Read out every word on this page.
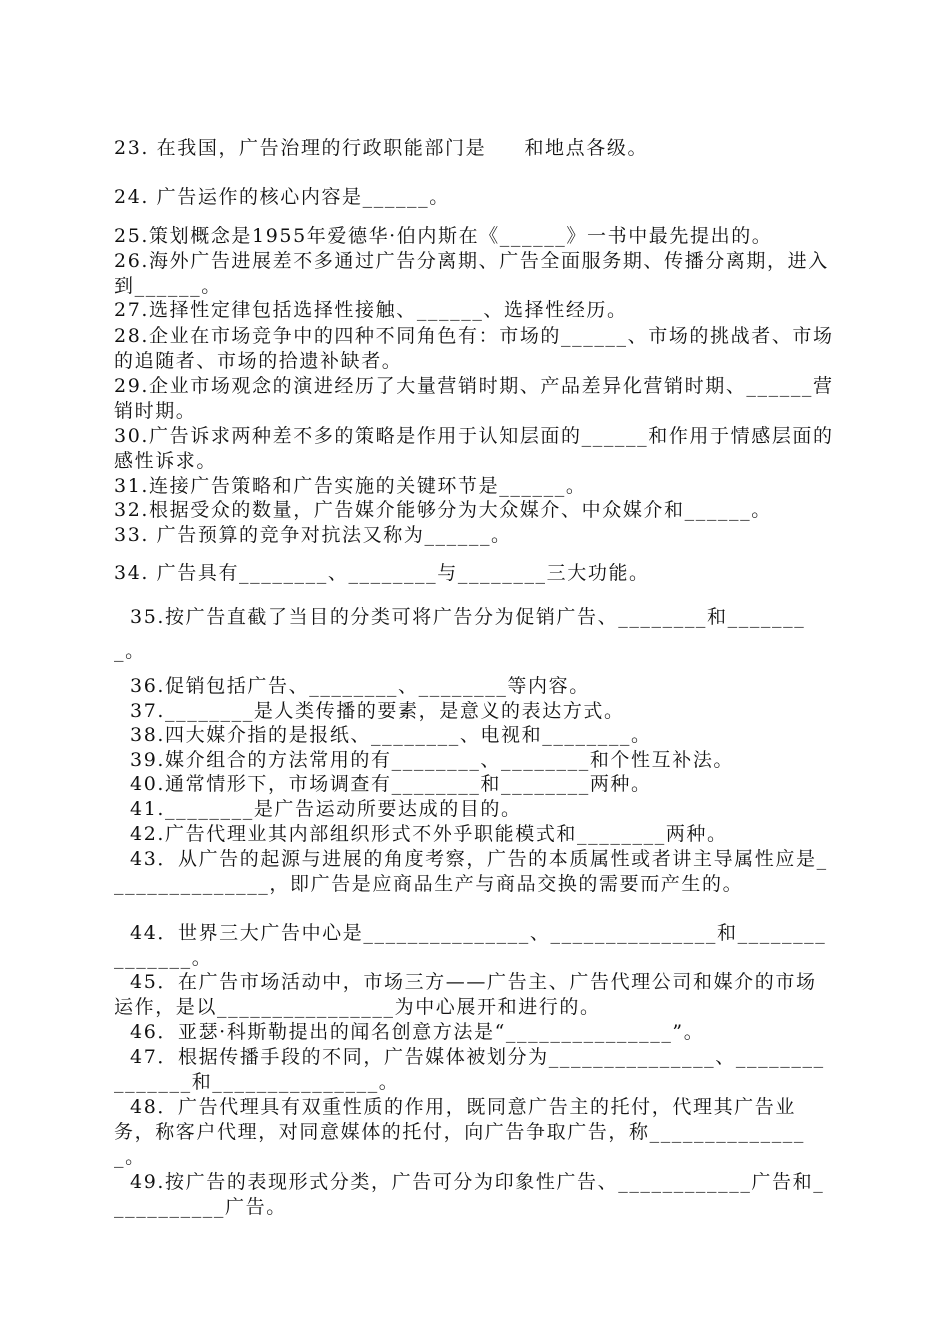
23. 在我国，广告治理的行政职能部门是     和地点各级。
24. 广告运作的核心内容是______。
25.策划概念是1955年爱德华·伯内斯在《______》一书中最先提出的。
26.海外广告进展差不多通过广告分离期、广告全面服务期、传播分离期，进入到______。
27.选择性定律包括选择性接触、______、选择性经历。
28.企业在市场竞争中的四种不同角色有：市场的______、市场的挑战者、市场的追随者、市场的拾遗补缺者。
29.企业市场观念的演进经历了大量营销时期、产品差异化营销时期、______营销时期。
30.广告诉求两种差不多的策略是作用于认知层面的______和作用于情感层面的感性诉求。
31.连接广告策略和广告实施的关键环节是______。
32.根据受众的数量，广告媒介能够分为大众媒介、中众媒介和______。
33. 广告预算的竞争对抗法又称为______。
34. 广告具有________、________与________三大功能。
35.按广告直截了当目的分类可将广告分为促销广告、________和________。
36.促销包括广告、________、________等内容。
37.________是人类传播的要素，是意义的表达方式。
38.四大媒介指的是报纸、________、电视和________。
39.媒介组合的方法常用的有________、________和个性互补法。
40.通常情形下，市场调查有________和________两种。
41.________是广告运动所要达成的目的。
42.广告代理业其内部组织形式不外乎职能模式和________两种。
43．从广告的起源与进展的角度考察，广告的本质属性或者讲主导属性应是_______________，即广告是应商品生产与商品交换的需要而产生的。
44．世界三大广告中心是_______________、_______________和_______________。
45．在广告市场活动中，市场三方——广告主、广告代理公司和媒介的市场运作，是以________________为中心展开和进行的。
46．亚瑟·科斯勒提出的闻名创意方法是“_______________”。
47．根据传播手段的不同，广告媒体被划分为_______________、_______________和_______________。
48．广告代理具有双重性质的作用，既同意广告主的托付，代理其广告业务，称客户代理，对同意媒体的托付，向广告争取广告，称_______________。
49.按广告的表现形式分类，广告可分为印象性广告、____________广告和___________广告。
